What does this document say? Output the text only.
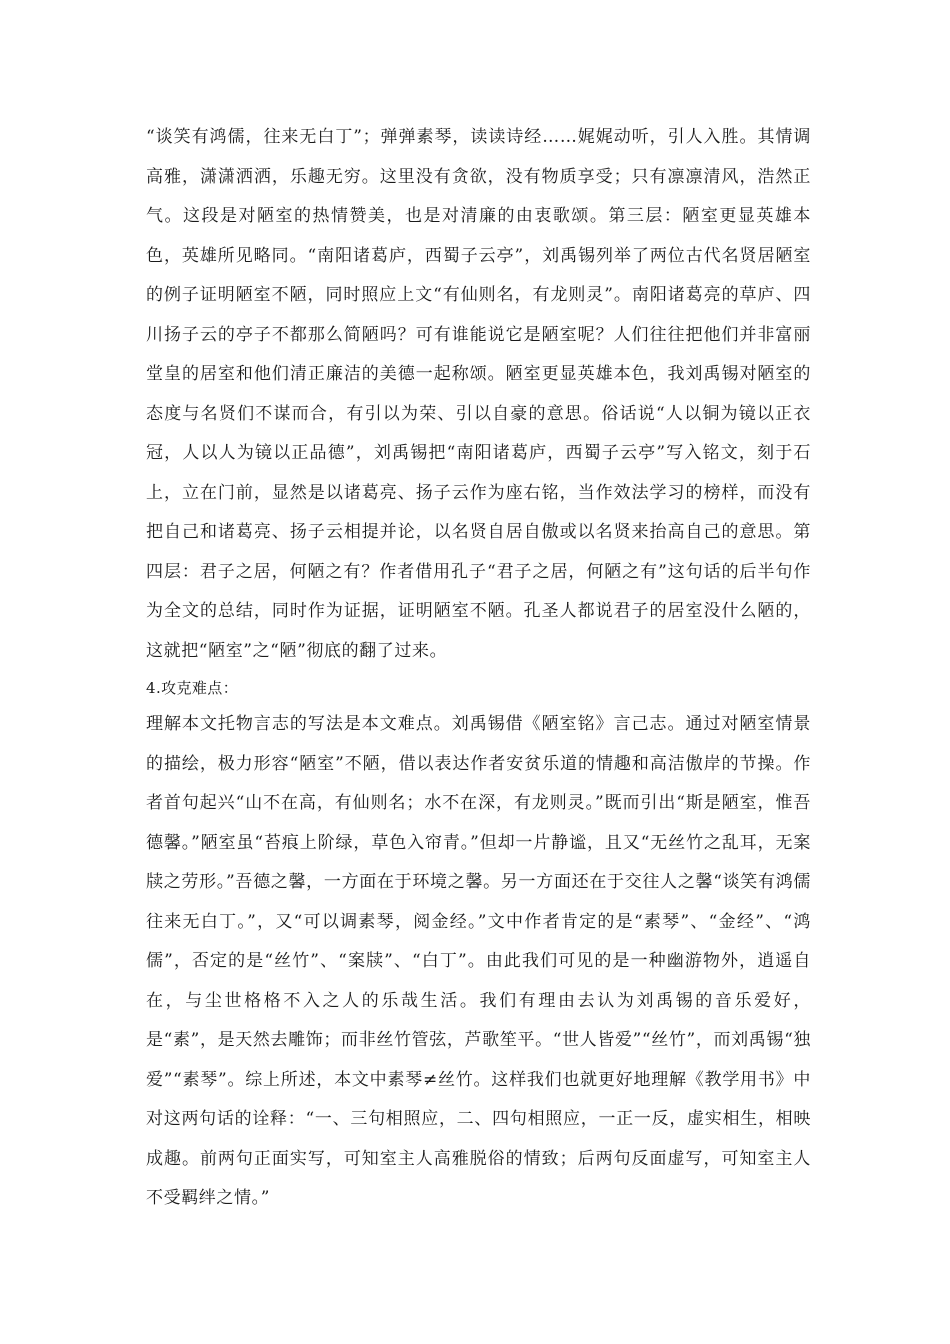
“谈笑有鸿儒，往来无白丁”；弹弹素琴，读读诗经……娓娓动听，引人入胜。其情调高雅，潇潇洒洒，乐趣无穷。这里没有贪欲，没有物质享受；只有凛凛清风，浩然正气。这段是对陋室的热情赞美，也是对清廉的由衷歌颂。第三层：陋室更显英雄本色，英雄所见略同。“南阳诸葛庐，西蜀子云亭”，刘禹锡列举了两位古代名贤居陋室的例子证明陋室不陋，同时照应上文“有仙则名，有龙则灵”。南阳诸葛亮的草庐、四川扬子云的亭子不都那么简陋吗？可有谁能说它是陋室呢？人们往往把他们并非富丽堂皇的居室和他们清正廉洁的美德一起称颂。陋室更显英雄本色，我刘禹锡对陋室的态度与名贤们不谋而合，有引以为荣、引以自豪的意思。俗话说“人以铜为镜以正衣冠，人以人为镜以正品德”，刘禹锡把“南阳诸葛庐，西蜀子云亭”写入铭文，刻于石上，立在门前，显然是以诸葛亮、扬子云作为座右铭，当作效法学习的榜样，而没有把自己和诸葛亮、扬子云相提并论，以名贤自居自傲或以名贤来抬高自己的意思。第四层：君子之居，何陋之有？作者借用孔子“君子之居，何陋之有”这句话的后半句作为全文的总结，同时作为证据，证明陋室不陋。孔圣人都说君子的居室没什么陋的，这就把“陋室”之“陋”彻底的翻了过来。

4.攻克难点：

理解本文托物言志的写法是本文难点。刘禹锡借《陋室铭》言己志。通过对陋室情景的描绘，极力形容“陋室”不陋，借以表达作者安贫乐道的情趣和高洁傲岸的节操。作者首句起兴“山不在高，有仙则名；水不在深，有龙则灵。”既而引出“斯是陋室，惟吾德馨。”陋室虽“苔痕上阶绿，草色入帘青。”但却一片静谧，且又“无丝竹之乱耳，无案牍之劳形。”吾德之馨，一方面在于环境之馨。另一方面还在于交往人之馨“谈笑有鸿儒往来无白丁。”，又“可以调素琴，阅金经。”文中作者肯定的是“素琴”、“金经”、“鸿儒”，否定的是“丝竹”、“案牍”、“白丁”。由此我们可见的是一种幽游物外，逍遥自在，与尘世格格不入之人的乐哉生活。我们有理由去认为刘禹锡的音乐爱好，是“素”，是天然去雕饰；而非丝竹管弦，芦歌笙平。“世人皆爱”“丝竹”，而刘禹锡“独爱”“素琴”。综上所述，本文中素琴≠丝竹。这样我们也就更好地理解《教学用书》中对这两句话的诠释：“一、三句相照应，二、四句相照应，一正一反，虚实相生，相映成趣。前两句正面实写，可知室主人高雅脱俗的情致；后两句反面虚写，可知室主人不受羁绊之情。”
